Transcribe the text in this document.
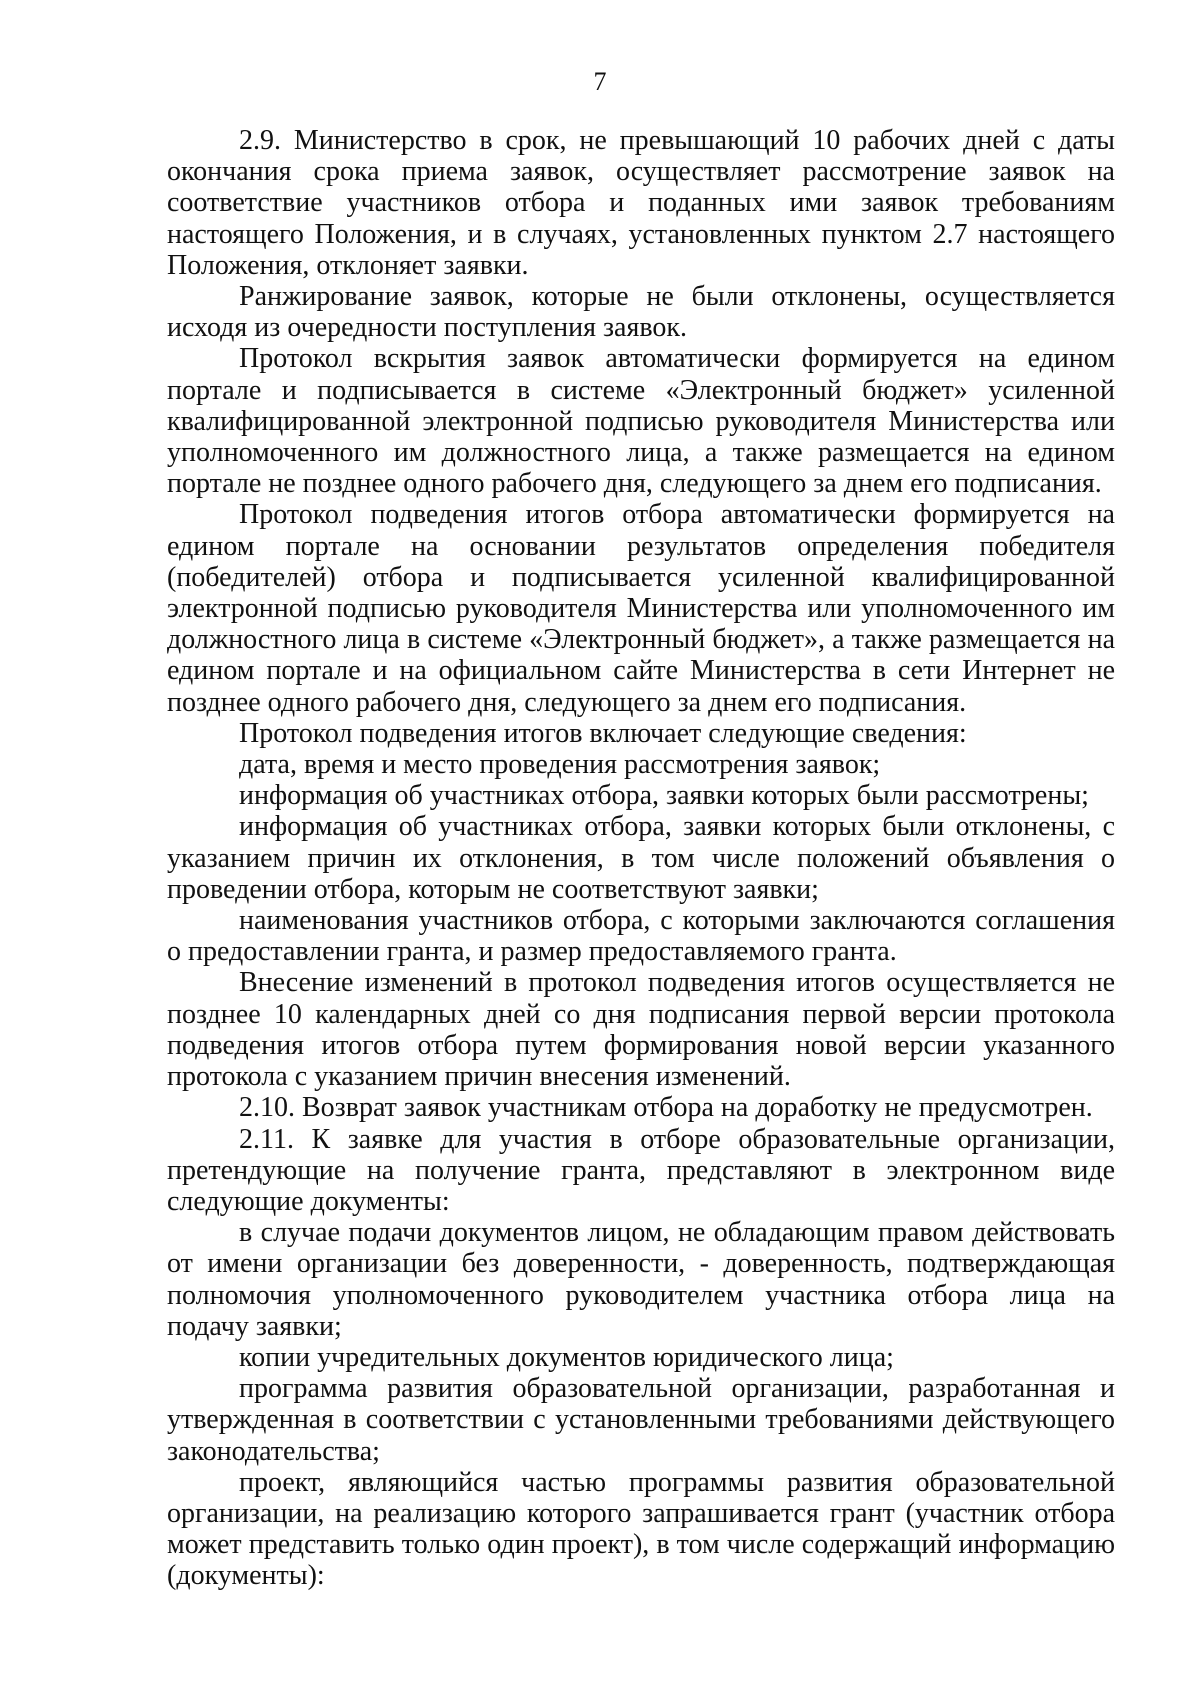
7

2.9. Министерство в срок, не превышающий 10 рабочих дней с даты окончания срока приема заявок, осуществляет рассмотрение заявок на соответствие участников отбора и поданных ими заявок требованиям настоящего Положения, и в случаях, установленных пунктом 2.7 настоящего Положения, отклоняет заявки.

Ранжирование заявок, которые не были отклонены, осуществляется исходя из очередности поступления заявок.

Протокол вскрытия заявок автоматически формируется на едином портале и подписывается в системе «Электронный бюджет» усиленной квалифицированной электронной подписью руководителя Министерства или уполномоченного им должностного лица, а также размещается на едином портале не позднее одного рабочего дня, следующего за днем его подписания.

Протокол подведения итогов отбора автоматически формируется на едином портале на основании результатов определения победителя (победителей) отбора и подписывается усиленной квалифицированной электронной подписью руководителя Министерства или уполномоченного им должностного лица в системе «Электронный бюджет», а также размещается на едином портале и на официальном сайте Министерства в сети Интернет не позднее одного рабочего дня, следующего за днем его подписания.

Протокол подведения итогов включает следующие сведения:

дата, время и место проведения рассмотрения заявок;

информация об участниках отбора, заявки которых были рассмотрены;

информация об участниках отбора, заявки которых были отклонены, с указанием причин их отклонения, в том числе положений объявления о проведении отбора, которым не соответствуют заявки;

наименования участников отбора, с которыми заключаются соглашения о предоставлении гранта, и размер предоставляемого гранта.

Внесение изменений в протокол подведения итогов осуществляется не позднее 10 календарных дней со дня подписания первой версии протокола подведения итогов отбора путем формирования новой версии указанного протокола с указанием причин внесения изменений.

2.10. Возврат заявок участникам отбора на доработку не предусмотрен.

2.11. К заявке для участия в отборе образовательные организации, претендующие на получение гранта, представляют в электронном виде следующие документы:

в случае подачи документов лицом, не обладающим правом действовать от имени организации без доверенности, - доверенность, подтверждающая полномочия уполномоченного руководителем участника отбора лица на подачу заявки;

копии учредительных документов юридического лица;

программа развития образовательной организации, разработанная и утвержденная в соответствии с установленными требованиями действующего законодательства;

проект, являющийся частью программы развития образовательной организации, на реализацию которого запрашивается грант (участник отбора может представить только один проект), в том числе содержащий информацию (документы):
